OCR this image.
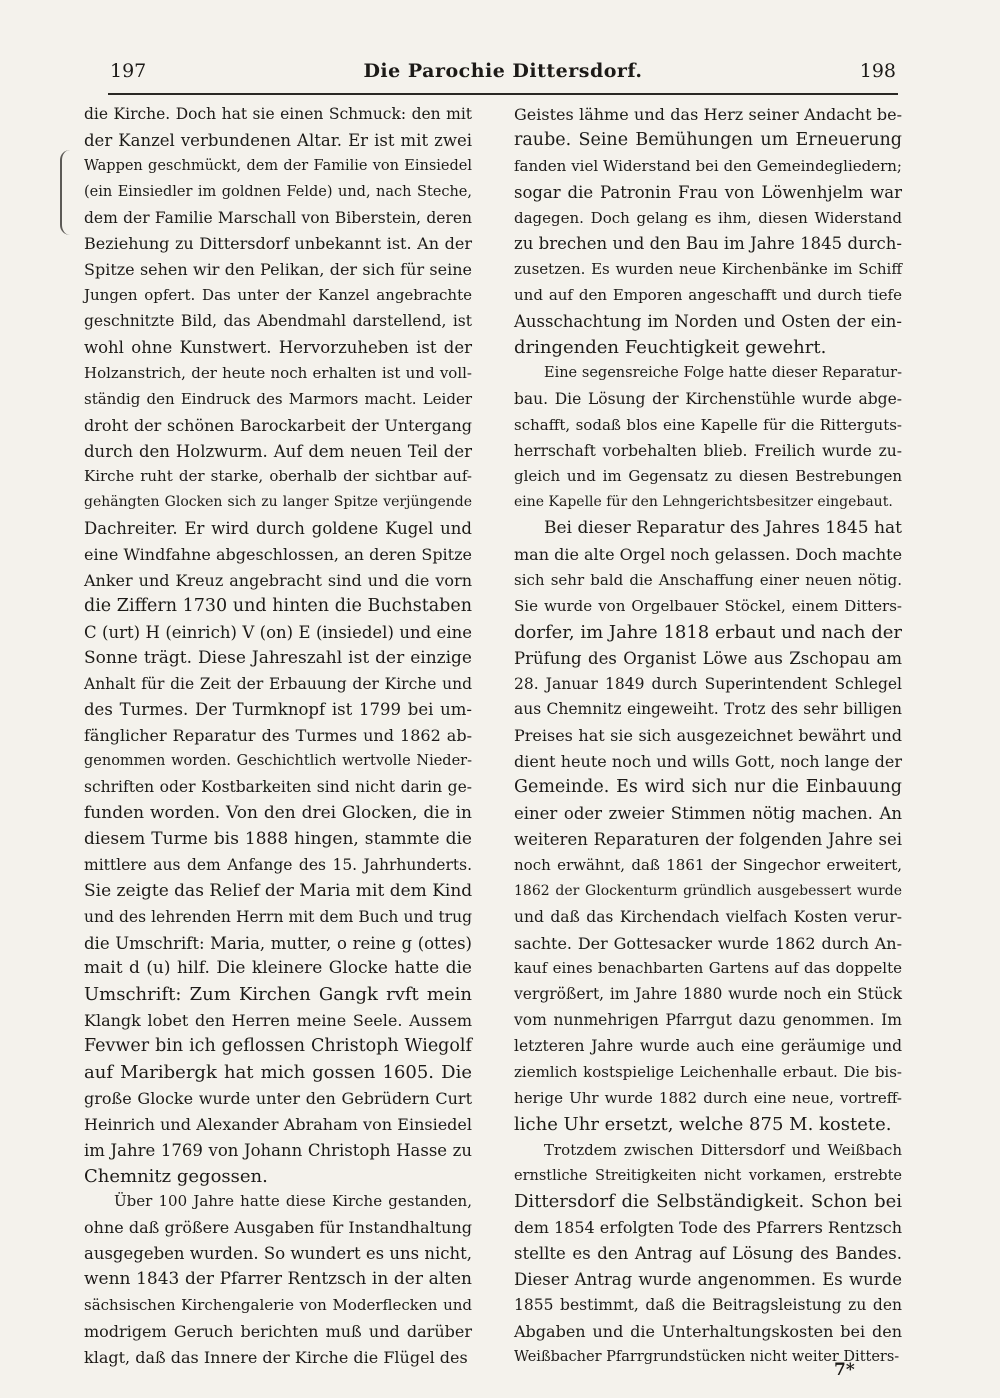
197	Die Parochie Dittersdorf.	198
die Kirche. Doch hat sie einen Schmuck: den mit
der Kanzel verbundenen Altar. Er ist mit zwei
Wappen geschmückt, dem der Familie von Einsiedel
(ein Einsiedler im goldnen Felde) und, nach Steche,
dem der Familie Marschall von Biberstein, deren
Beziehung zu Dittersdorf unbekannt ist. An der
Spitze sehen wir den Pelikan, der sich für seine
Jungen opfert. Das unter der Kanzel angebrachte
geschnitzte Bild, das Abendmahl darstellend, ist
wohl ohne Kunstwert. Hervorzuheben ist der
Holzanstrich, der heute noch erhalten ist und voll-
ständig den Eindruck des Marmors macht. Leider
droht der schönen Barockarbeit der Untergang
durch den Holzwurm. Auf dem neuen Teil der
Kirche ruht der starke, oberhalb der sichtbar auf-
gehängten Glocken sich zu langer Spitze verjüngende
Dachreiter. Er wird durch goldene Kugel und
eine Windfahne abgeschlossen, an deren Spitze
Anker und Kreuz angebracht sind und die vorn
die Ziffern 1730 und hinten die Buchstaben
C (urt) H (einrich) V (on) E (insiedel) und eine
Sonne trägt. Diese Jahreszahl ist der einzige
Anhalt für die Zeit der Erbauung der Kirche und
des Turmes. Der Turmknopf ist 1799 bei um-
fänglicher Reparatur des Turmes und 1862 ab-
genommen worden. Geschichtlich wertvolle Nieder-
schriften oder Kostbarkeiten sind nicht darin ge-
funden worden. Von den drei Glocken, die in
diesem Turme bis 1888 hingen, stammte die
mittlere aus dem Anfange des 15. Jahrhunderts.
Sie zeigte das Relief der Maria mit dem Kind
und des lehrenden Herrn mit dem Buch und trug
die Umschrift: Maria, mutter, o reine g (ottes)
mait d (u) hilf. Die kleinere Glocke hatte die
Umschrift: Zum Kirchen Gangk rvft mein
Klangk lobet den Herren meine Seele. Aussem
Fevwer bin ich geflossen Christoph Wiegolf
auf Maribergk hat mich gossen 1605. Die
große Glocke wurde unter den Gebrüdern Curt
Heinrich und Alexander Abraham von Einsiedel
im Jahre 1769 von Johann Christoph Hasse zu
Chemnitz gegossen.
Über 100 Jahre hatte diese Kirche gestanden,
ohne daß größere Ausgaben für Instandhaltung
ausgegeben wurden. So wundert es uns nicht,
wenn 1843 der Pfarrer Rentzsch in der alten
sächsischen Kirchengalerie von Moderflecken und
modrigem Geruch berichten muß und darüber
klagt, daß das Innere der Kirche die Flügel des
Geistes lähme und das Herz seiner Andacht be-
raube. Seine Bemühungen um Erneuerung
fanden viel Widerstand bei den Gemeindegliedern;
sogar die Patronin Frau von Löwenhjelm war
dagegen. Doch gelang es ihm, diesen Widerstand
zu brechen und den Bau im Jahre 1845 durch-
zusetzen. Es wurden neue Kirchenbänke im Schiff
und auf den Emporen angeschafft und durch tiefe
Ausschachtung im Norden und Osten der ein-
dringenden Feuchtigkeit gewehrt.
Eine segensreiche Folge hatte dieser Reparatur-
bau. Die Lösung der Kirchenstühle wurde abge-
schafft, sodaß blos eine Kapelle für die Ritterguts-
herrschaft vorbehalten blieb. Freilich wurde zu-
gleich und im Gegensatz zu diesen Bestrebungen
eine Kapelle für den Lehngerichtsbesitzer eingebaut.
Bei dieser Reparatur des Jahres 1845 hat
man die alte Orgel noch gelassen. Doch machte
sich sehr bald die Anschaffung einer neuen nötig.
Sie wurde von Orgelbauer Stöckel, einem Ditters-
dorfer, im Jahre 1818 erbaut und nach der
Prüfung des Organist Löwe aus Zschopau am
28. Januar 1849 durch Superintendent Schlegel
aus Chemnitz eingeweiht. Trotz des sehr billigen
Preises hat sie sich ausgezeichnet bewährt und
dient heute noch und wills Gott, noch lange der
Gemeinde. Es wird sich nur die Einbauung
einer oder zweier Stimmen nötig machen. An
weiteren Reparaturen der folgenden Jahre sei
noch erwähnt, daß 1861 der Singechor erweitert,
1862 der Glockenturm gründlich ausgebessert wurde
und daß das Kirchendach vielfach Kosten verur-
sachte. Der Gottesacker wurde 1862 durch An-
kauf eines benachbarten Gartens auf das doppelte
vergrößert, im Jahre 1880 wurde noch ein Stück
vom nunmehrigen Pfarrgut dazu genommen. Im
letzteren Jahre wurde auch eine geräumige und
ziemlich kostspielige Leichenhalle erbaut. Die bis-
herige Uhr wurde 1882 durch eine neue, vortreff-
liche Uhr ersetzt, welche 875 M. kostete.
Trotzdem zwischen Dittersdorf und Weißbach
ernstliche Streitigkeiten nicht vorkamen, erstrebte
Dittersdorf die Selbständigkeit. Schon bei
dem 1854 erfolgten Tode des Pfarrers Rentzsch
stellte es den Antrag auf Lösung des Bandes.
Dieser Antrag wurde angenommen. Es wurde
1855 bestimmt, daß die Beitragsleistung zu den
Abgaben und die Unterhaltungskosten bei den
Weißbacher Pfarrgrundstücken nicht weiter Ditters-
7*
